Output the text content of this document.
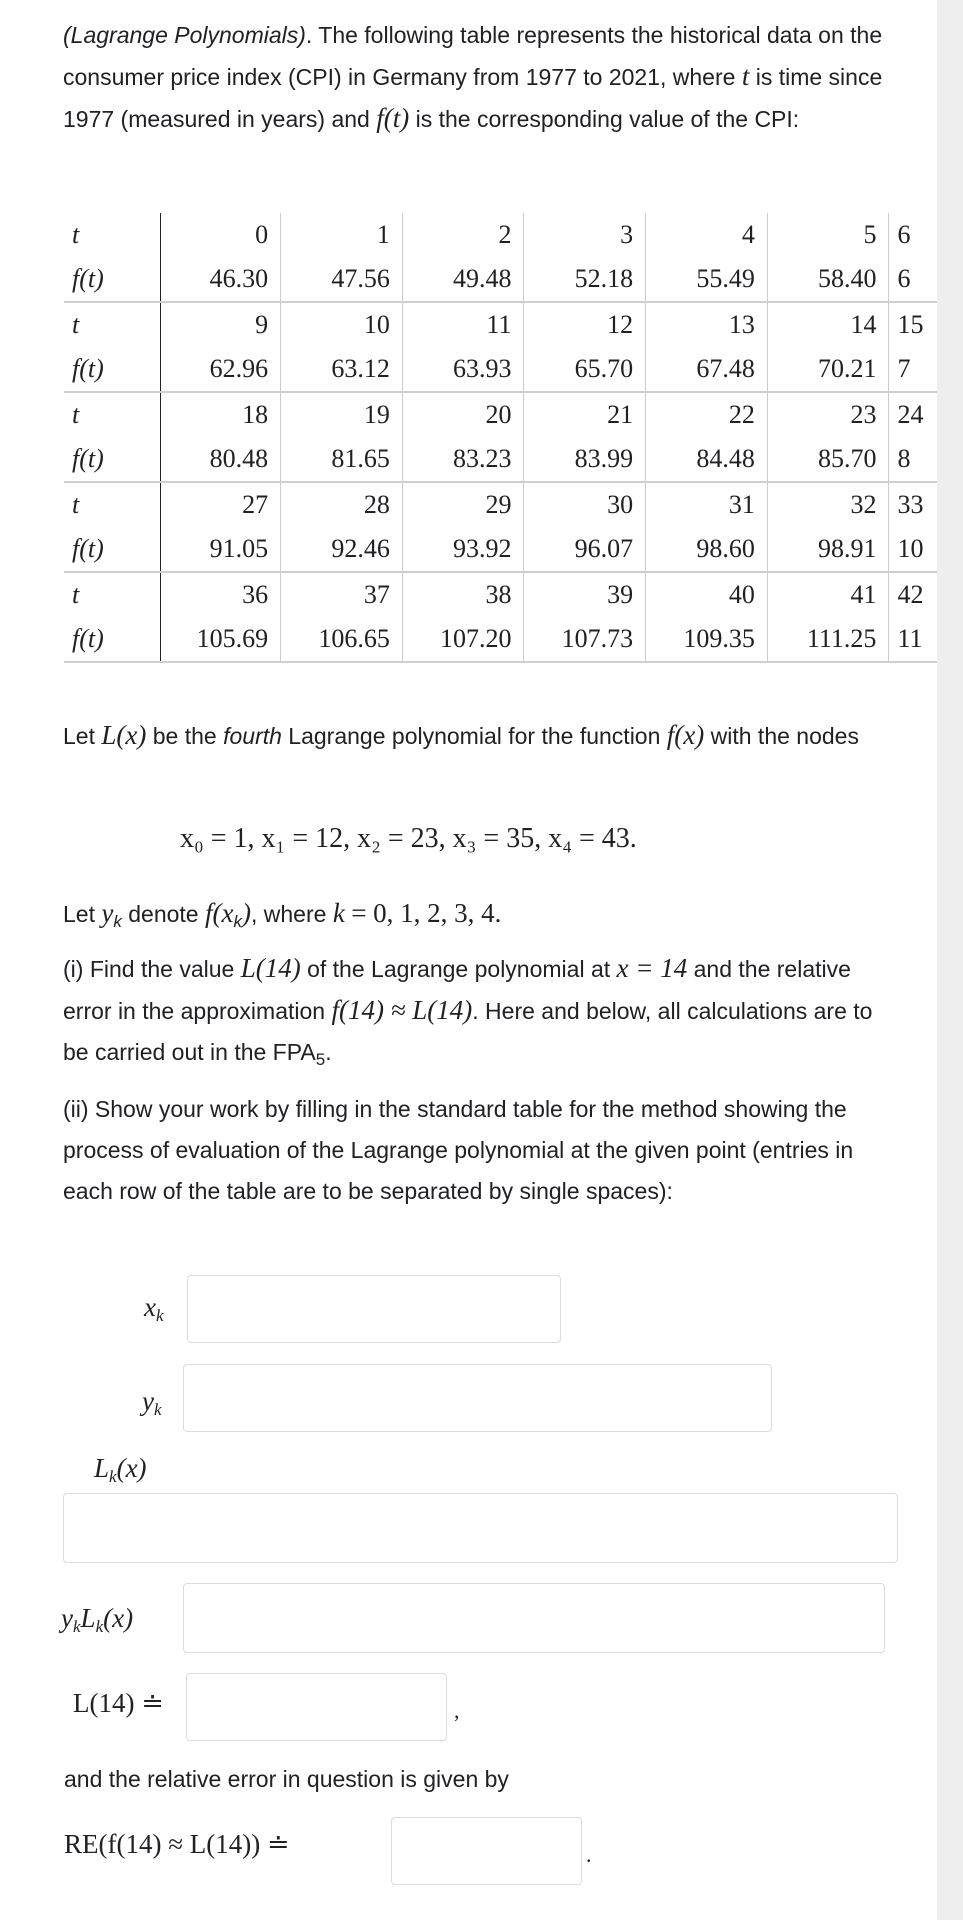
(Lagrange Polynomials). The following table represents the historical data on the consumer price index (CPI) in Germany from 1977 to 2021, where t is time since 1977 (measured in years) and f(t) is the corresponding value of the CPI:

t	0	1	2	3	4	5	6
f(t)	46.30	47.56	49.48	52.18	55.49	58.40	6
t	9	10	11	12	13	14	15
f(t)	62.96	63.12	63.93	65.70	67.48	70.21	7
t	18	19	20	21	22	23	24
f(t)	80.48	81.65	83.23	83.99	84.48	85.70	8
t	27	28	29	30	31	32	33
f(t)	91.05	92.46	93.92	96.07	98.60	98.91	10
t	36	37	38	39	40	41	42
f(t)	105.69	106.65	107.20	107.73	109.35	111.25	11

Let L(x) be the fourth Lagrange polynomial for the function f(x) with the nodes

x₀ = 1, x₁ = 12, x₂ = 23, x₃ = 35, x₄ = 43.

Let $y_k$ denote $f(x_k)$, where k = 0, 1, 2, 3, 4.

(i) Find the value L(14) of the Lagrange polynomial at x = 14 and the relative error in the approximation f(14) ≈ L(14). Here and below, all calculations are to be carried out in the $FPA_5$.

(ii) Show your work by filling in the standard table for the method showing the process of evaluation of the Lagrange polynomial at the given point (entries in each row of the table are to be separated by single spaces):

$x_k$
$y_k$
$L_k(x)$
$y_kL_k(x)$
L(14) ≐	,

and the relative error in question is given by

RE(f(14) ≈ L(14)) ≐	.
